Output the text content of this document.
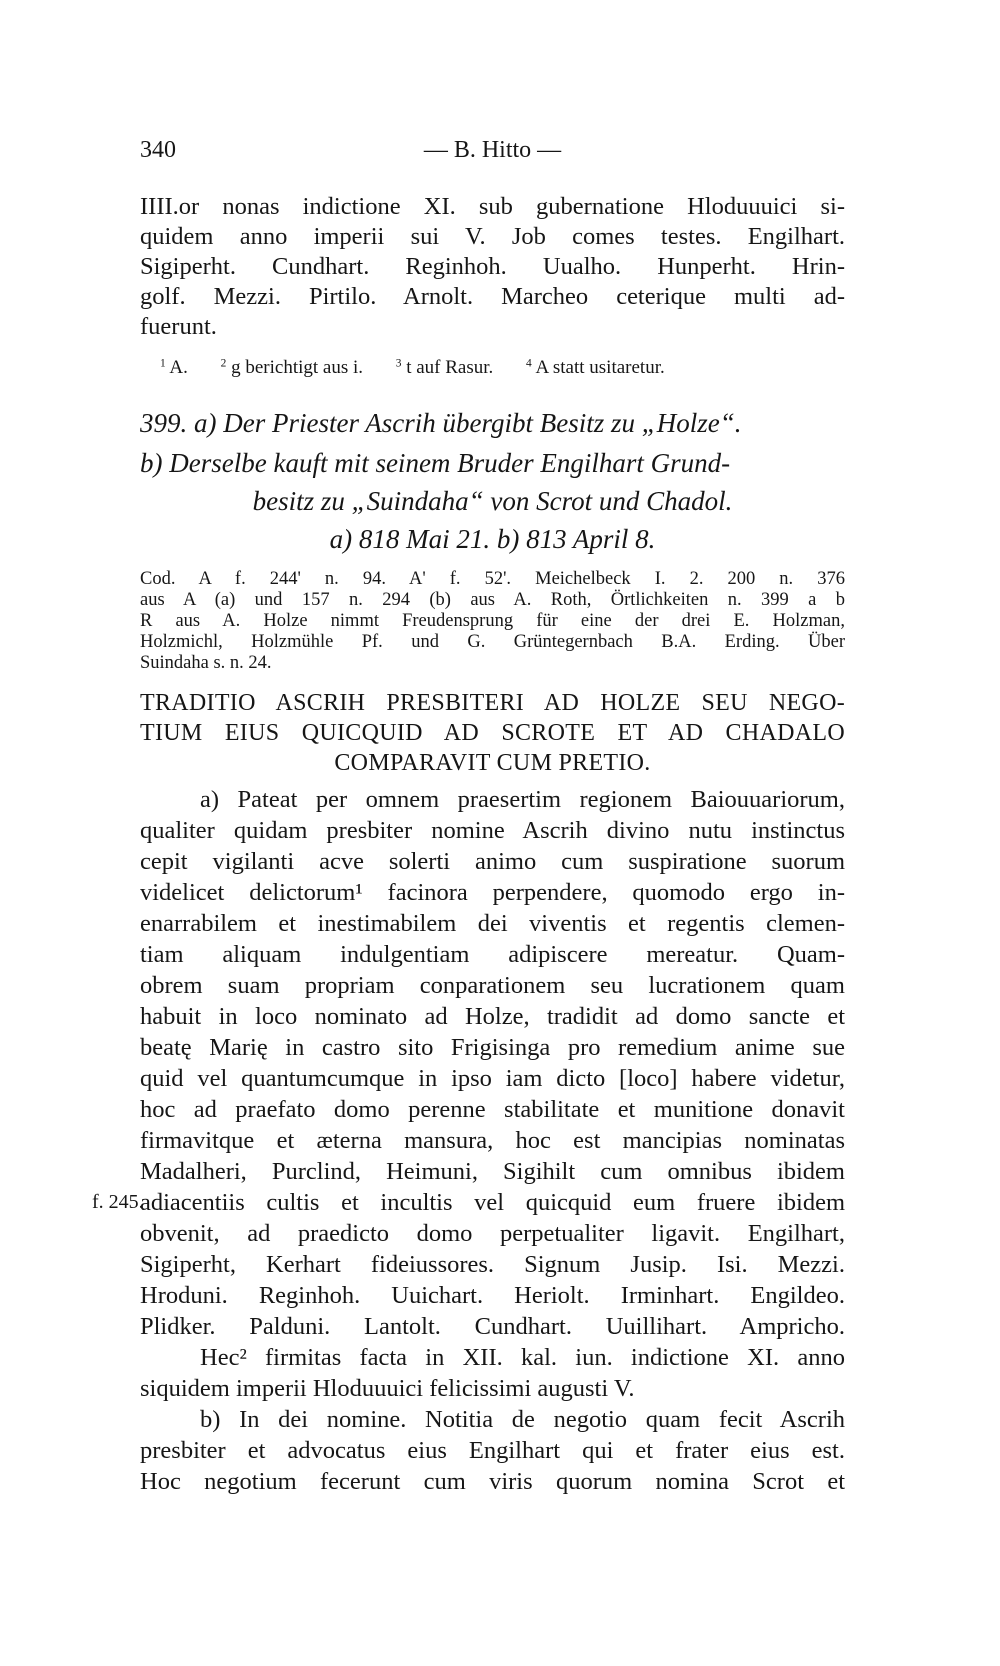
340	— B. Hitto —
IIII.or nonas indictione XI. sub gubernatione Hloduuuici si-
quidem anno imperii sui V. Job comes testes. Engilhart.
Sigiperht. Cundhart. Reginhoh. Uualho. Hunperht. Hrin-
golf. Mezzi. Pirtilo. Arnolt. Marcheo ceterique multi ad-
fuerunt.
$^1$ A.	$^2$ g berichtigt aus i.	$^3$ t auf Rasur.	$^4$ A statt usitaretur.
399. a) Der Priester Ascrih übergibt Besitz zu „Holze“.
b) Derselbe kauft mit seinem Bruder Engilhart Grund-
besitz zu „Suindaha“ von Scrot und Chadol.
a) 818 Mai 21. b) 813 April 8.
Cod. A f. 244' n. 94. A' f. 52'. Meichelbeck I. 2. 200 n. 376
aus A (a) und 157 n. 294 (b) aus A. Roth, Örtlichkeiten n. 399 a b
R aus A. Holze nimmt Freudensprung für eine der drei E. Holzman,
Holzmichl, Holzmühle Pf. und G. Grüntegernbach B.A. Erding. Über
Suindaha s. n. 24.
TRADITIO ASCRIH PRESBITERI AD HOLZE SEU NEGO-
TIUM EIUS QUICQUID AD SCROTE ET AD CHADALO
COMPARAVIT CUM PRETIO.
a) Pateat per omnem praesertim regionem Baiouuariorum,
qualiter quidam presbiter nomine Ascrih divino nutu instinctus
cepit vigilanti acve solerti animo cum suspiratione suorum
videlicet delictorum¹ facinora perpendere, quomodo ergo in-
enarrabilem et inestimabilem dei viventis et regentis clemen-
tiam aliquam indulgentiam adipiscere mereatur. Quam-
obrem suam propriam conparationem seu lucrationem quam
habuit in loco nominato ad Holze, tradidit ad domo sancte et
beatę Marię in castro sito Frigisinga pro remedium anime sue
quid vel quantumcumque in ipso iam dicto [loco] habere videtur,
hoc ad praefato domo perenne stabilitate et munitione donavit
firmavitque et æterna mansura, hoc est mancipias nominatas
Madalheri, Purclind, Heimuni, Sigihilt cum omnibus ibidem
f. 245.
adiacentiis cultis et incultis vel quicquid eum fruere ibidem
obvenit, ad praedicto domo perpetualiter ligavit. Engilhart,
Sigiperht, Kerhart fideiussores. Signum Jusip. Isi. Mezzi.
Hroduni. Reginhoh. Uuichart. Heriolt. Irminhart. Engildeo.
Plidker. Palduni. Lantolt. Cundhart. Uuillihart. Ampricho.
Hec² firmitas facta in XII. kal. iun. indictione XI. anno
siquidem imperii Hloduuuici felicissimi augusti V.
b) In dei nomine. Notitia de negotio quam fecit Ascrih
presbiter et advocatus eius Engilhart qui et frater eius est.
Hoc negotium fecerunt cum viris quorum nomina Scrot et
